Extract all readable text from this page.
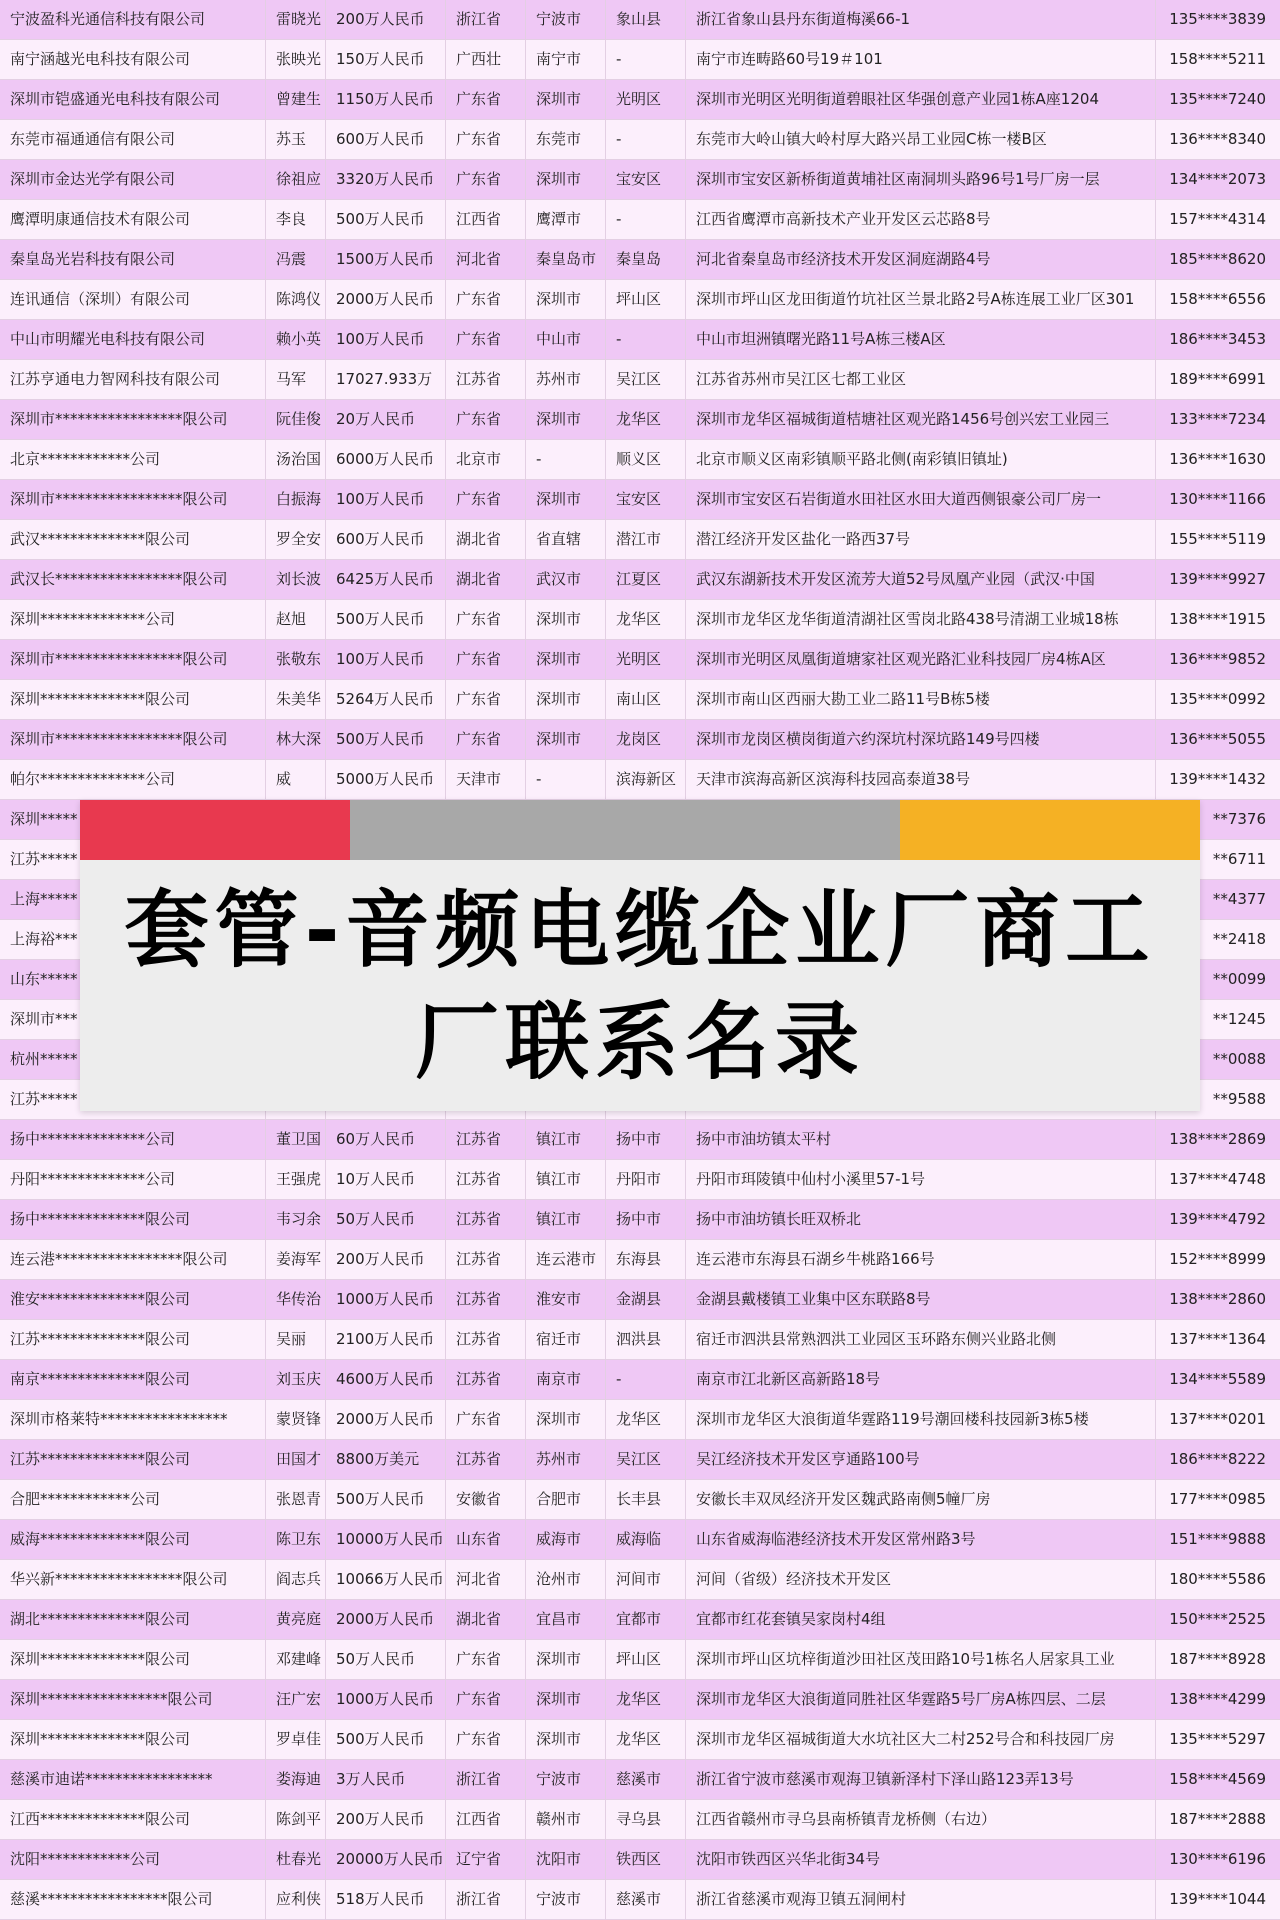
宁波盈科光通信科技有限公司	雷晓光 200万人民币	浙江省	宁波市	象山县	浙江省象山县丹东街道梅溪66-1	135****3839
南宁涵越光电科技有限公司	张映光 150万人民币	广西壮	南宁市	-	南宁市连畴路60号19＃101	158****5211
深圳市铠盛通光电科技有限公司	曾建生 1150万人民币	广东省	深圳市	光明区	深圳市光明区光明街道碧眼社区华强创意产业园1栋A座1204	135****7240
东莞市福通通信有限公司	苏玉	600万人民币	广东省	东莞市	-	东莞市大岭山镇大岭村厚大路兴昂工业园C栋一楼B区	136****8340
深圳市金达光学有限公司	徐祖应 3320万人民币	广东省	深圳市	宝安区	深圳市宝安区新桥街道黄埔社区南洞圳头路96号1号厂房一层	134****2073
鹰潭明康通信技术有限公司	李良	500万人民币	江西省	鹰潭市	-	江西省鹰潭市高新技术产业开发区云芯路8号	157****4314
秦皇岛光岩科技有限公司	冯震	1500万人民币	河北省	秦皇岛市	秦皇岛	河北省秦皇岛市经济技术开发区洞庭湖路4号	185****8620
连讯通信（深圳）有限公司	陈鸿仪 2000万人民币	广东省	深圳市	坪山区	深圳市坪山区龙田街道竹坑社区兰景北路2号A栋连展工业厂区301	158****6556
中山市明耀光电科技有限公司	赖小英 100万人民币	广东省	中山市	-	中山市坦洲镇曙光路11号A栋三楼A区	186****3453
江苏亨通电力智网科技有限公司	马军	17027.933万	江苏省	苏州市	吴江区	江苏省苏州市吴江区七都工业区	189****6991
深圳市*****************限公司	阮佳俊 20万人民币	广东省	深圳市	龙华区	深圳市龙华区福城街道桔塘社区观光路1456号创兴宏工业园三	133****7234
北京************公司	汤治国 6000万人民币	北京市	-	顺义区	北京市顺义区南彩镇顺平路北侧(南彩镇旧镇址)	136****1630
深圳市*****************限公司	白振海 100万人民币	广东省	深圳市	宝安区	深圳市宝安区石岩街道水田社区水田大道西侧银豪公司厂房一	130****1166
武汉**************限公司	罗全安 600万人民币	湖北省	省直辖	潜江市	潜江经济开发区盐化一路西37号	155****5119
武汉长*****************限公司	刘长波 6425万人民币	湖北省	武汉市	江夏区	武汉东湖新技术开发区流芳大道52号凤凰产业园（武汉·中国	139****9927
深圳**************公司	赵旭	500万人民币	广东省	深圳市	龙华区	深圳市龙华区龙华街道清湖社区雪岗北路438号清湖工业城18栋	138****1915
深圳市*****************限公司	张敬东 100万人民币	广东省	深圳市	光明区	深圳市光明区凤凰街道塘家社区观光路汇业科技园厂房4栋A区	136****9852
深圳**************限公司	朱美华 5264万人民币	广东省	深圳市	南山区	深圳市南山区西丽大勘工业二路11号B栋5楼	135****0992
深圳市*****************限公司	林大深 500万人民币	广东省	深圳市	龙岗区	深圳市龙岗区横岗街道六约深坑村深坑路149号四楼	136****5055
帕尔**************公司	威	5000万人民币	天津市	-	滨海新区	天津市滨海高新区滨海科技园高泰道38号	139****1432
深圳*****	**7376
江苏*****	**6711
上海*****	**4377
上海裕***	**2418
山东*****	**0099
深圳市***	**1245
杭州*****	**0088
江苏*****	**9588
扬中**************公司	董卫国 60万人民币	江苏省	镇江市	扬中市	扬中市油坊镇太平村	138****2869
丹阳**************公司	王强虎 10万人民币	江苏省	镇江市	丹阳市	丹阳市珥陵镇中仙村小溪里57-1号	137****4748
扬中**************限公司	韦习余 50万人民币	江苏省	镇江市	扬中市	扬中市油坊镇长旺双桥北	139****4792
连云港*****************限公司	姜海军 200万人民币	江苏省	连云港市	东海县	连云港市东海县石湖乡牛桃路166号	152****8999
淮安**************限公司	华传治 1000万人民币	江苏省	淮安市	金湖县	金湖县戴楼镇工业集中区东联路8号	138****2860
江苏**************限公司	吴丽	2100万人民币	江苏省	宿迁市	泗洪县	宿迁市泗洪县常熟泗洪工业园区玉环路东侧兴业路北侧	137****1364
南京**************限公司	刘玉庆 4600万人民币	江苏省	南京市	-	南京市江北新区高新路18号	134****5589
深圳市格莱特*****************	蒙贤锋 2000万人民币	广东省	深圳市	龙华区	深圳市龙华区大浪街道华霆路119号潮回楼科技园新3栋5楼	137****0201
江苏**************限公司	田国才 8800万美元	江苏省	苏州市	吴江区	吴江经济技术开发区亨通路100号	186****8222
合肥************公司	张恩青 500万人民币	安徽省	合肥市	长丰县	安徽长丰双凤经济开发区魏武路南侧5幢厂房	177****0985
威海**************限公司	陈卫东 10000万人民币 山东省	威海市	威海临	山东省威海临港经济技术开发区常州路3号	151****9888
华兴新*****************限公司	阎志兵 10066万人民币 河北省	沧州市	河间市	河间（省级）经济技术开发区	180****5586
湖北**************限公司	黄亮庭 2000万人民币	湖北省	宜昌市	宜都市	宜都市红花套镇吴家岗村4组	150****2525
深圳**************限公司	邓建峰 50万人民币	广东省	深圳市	坪山区	深圳市坪山区坑梓街道沙田社区茂田路10号1栋名人居家具工业	187****8928
深圳*****************限公司	汪广宏 1000万人民币	广东省	深圳市	龙华区	深圳市龙华区大浪街道同胜社区华霆路5号厂房A栋四层、二层	138****4299
深圳**************限公司	罗卓佳 500万人民币	广东省	深圳市	龙华区	深圳市龙华区福城街道大水坑社区大二村252号合和科技园厂房	135****5297
慈溪市迪诺*****************	娄海迪 3万人民币	浙江省	宁波市	慈溪市	浙江省宁波市慈溪市观海卫镇新泽村下泽山路123弄13号	158****4569
江西**************限公司	陈剑平 200万人民币	江西省	赣州市	寻乌县	江西省赣州市寻乌县南桥镇青龙桥侧（右边）	187****2888
沈阳************公司	杜春光 20000万人民币 辽宁省	沈阳市	铁西区	沈阳市铁西区兴华北街34号	130****6196
慈溪*****************限公司	应利侠 518万人民币	浙江省	宁波市	慈溪市	浙江省慈溪市观海卫镇五洞闸村	139****1044
套管-音频电缆企业厂商工
厂联系名录
